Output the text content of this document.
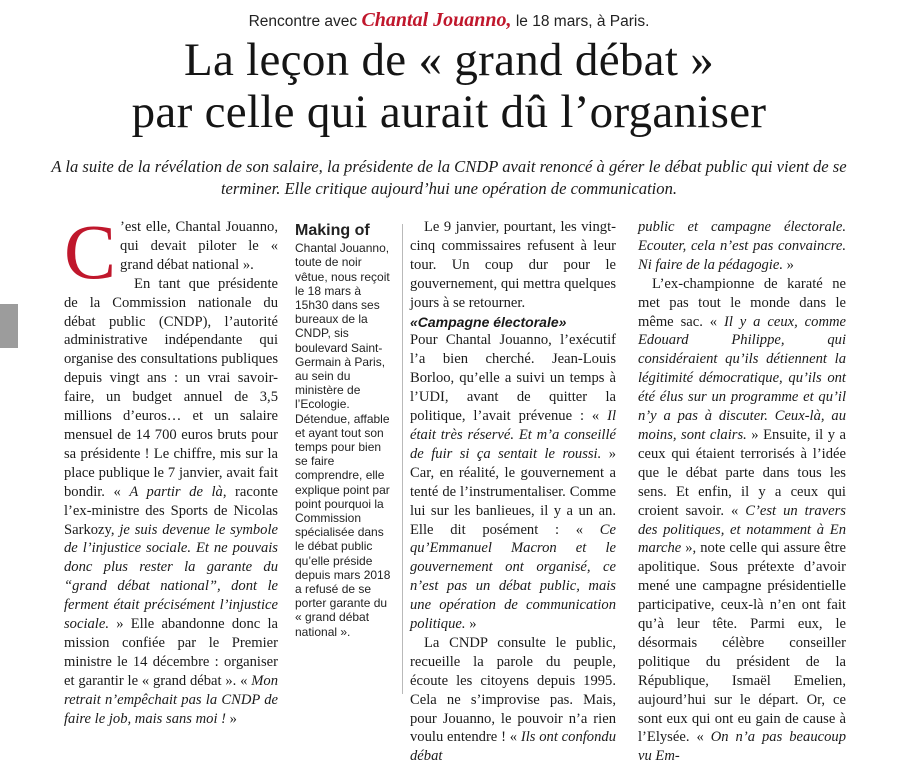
Rencontre avec Chantal Jouanno, le 18 mars, à Paris.
La leçon de « grand débat »
par celle qui aurait dû l’organiser
A la suite de la révélation de son salaire, la présidente de la CNDP avait renoncé à gérer le débat public qui vient de se terminer. Elle critique aujourd’hui une opération de communication.

C ’est elle, Chantal Jouanno, qui devait piloter le « grand débat national ».

En tant que présidente de la Commission nationale du débat public (CNDP), l’autorité administrative indépendante qui organise des consultations publiques depuis vingt ans : un vrai savoir-faire, un budget annuel de 3,5 millions d’euros… et un salaire mensuel de 14 700 euros bruts pour sa présidente ! Le chiffre, mis sur la place publique le 7 janvier, avait fait bondir. « A partir de là, raconte l’ex-ministre des Sports de Nicolas Sarkozy, je suis devenue le symbole de l’injustice sociale. Et ne pouvais donc plus rester la garante du “grand débat national”, dont le ferment était précisément l’injustice sociale. » Elle abandonne donc la mission confiée par le Premier ministre le 14 décembre : organiser et garantir le « grand débat ». « Mon retrait n’empêchait pas la CNDP de faire le job, mais sans moi ! »

Making of
Chantal Jouanno, toute de noir vêtue, nous reçoit le 18 mars à 15h30 dans ses bureaux de la CNDP, sis boulevard Saint-Germain à Paris, au sein du ministère de l’Ecologie. Détendue, affable et ayant tout son temps pour bien se faire comprendre, elle explique point par point pourquoi la Commission spécialisée dans le débat public qu’elle préside depuis mars 2018 a refusé de se porter garante du « grand débat national ».

Le 9 janvier, pourtant, les vingt-cinq commissaires refusent à leur tour. Un coup dur pour le gouvernement, qui mettra quelques jours à se retourner.

«Campagne électorale»

Pour Chantal Jouanno, l’exécutif l’a bien cherché. Jean-Louis Borloo, qu’elle a suivi un temps à l’UDI, avant de quitter la politique, l’avait prévenue : « Il était très réservé. Et m’a conseillé de fuir si ça sentait le roussi. » Car, en réalité, le gouvernement a tenté de l’instrumentaliser. Comme lui sur les banlieues, il y a un an. Elle dit posément : « Ce qu’Emmanuel Macron et le gouvernement ont organisé, ce n’est pas un débat public, mais une opération de communication politique. »

La CNDP consulte le public, recueille la parole du peuple, écoute les citoyens depuis 1995. Cela ne s’improvise pas. Mais, pour Jouanno, le pouvoir n’a rien voulu entendre ! « Ils ont confondu débat

public et campagne électorale. Ecouter, cela n’est pas convaincre. Ni faire de la pédagogie. »

L’ex-championne de karaté ne met pas tout le monde dans le même sac. « Il y a ceux, comme Edouard Philippe, qui considéraient qu’ils détiennent la légitimité démocratique, qu’ils ont été élus sur un programme et qu’il n’y a pas à discuter. Ceux-là, au moins, sont clairs. » Ensuite, il y a ceux qui étaient terrorisés à l’idée que le débat parte dans tous les sens. Et enfin, il y a ceux qui croient savoir. « C’est un travers des politiques, et notamment à En marche », note celle qui assure être apolitique. Sous prétexte d’avoir mené une campagne présidentielle participative, ceux-là n’en ont fait qu’à leur tête. Parmi eux, le désormais célèbre conseiller politique du président de la République, Ismaël Emelien, aujourd’hui sur le départ. Or, ce sont eux qui ont eu gain de cause à l’Elysée. « On n’a pas beaucoup vu Em-
